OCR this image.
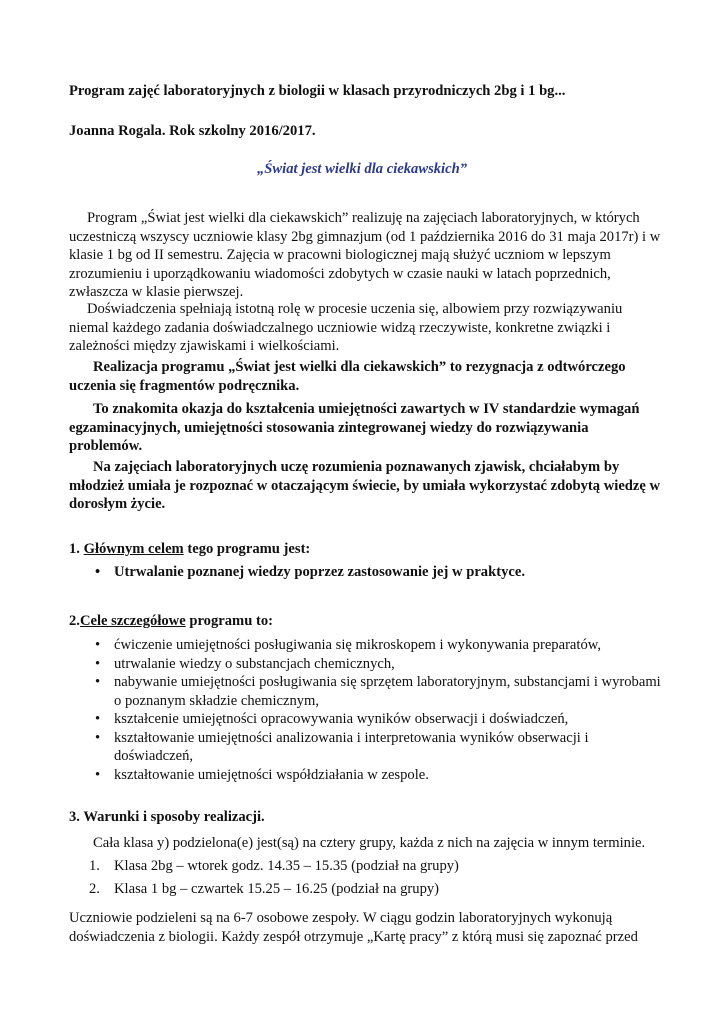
Program zajęć laboratoryjnych z biologii w klasach przyrodniczych 2bg i 1 bg...

Joanna Rogala. Rok szkolny 2016/2017.

„Świat jest wielki dla ciekawskich”

Program „Świat jest wielki dla ciekawskich” realizuję na zajęciach laboratoryjnych, w których uczestniczą wszyscy uczniowie klasy 2bg gimnazjum (od 1 października 2016 do 31 maja 2017r) i w klasie 1 bg od II semestru. Zajęcia w pracowni biologicznej mają służyć uczniom w lepszym zrozumieniu i uporządkowaniu wiadomości zdobytych w czasie nauki w latach poprzednich, zwłaszcza w klasie pierwszej.

Doświadczenia spełniają istotną rolę w procesie uczenia się, albowiem przy rozwiązywaniu niemal każdego zadania doświadczalnego uczniowie widzą rzeczywiste, konkretne związki i zależności między zjawiskami i wielkościami.

Realizacja programu „Świat jest wielki dla ciekawskich” to rezygnacja z odtwórczego uczenia się fragmentów podręcznika.

To znakomita okazja do kształcenia umiejętności zawartych w IV standardzie wymagań egzaminacyjnych, umiejętności stosowania zintegrowanej wiedzy do rozwiązywania problemów.

Na zajęciach laboratoryjnych uczę rozumienia poznawanych zjawisk, chciałabym by młodzież umiała je rozpoznać w otaczającym świecie, by umiała wykorzystać zdobytą wiedzę w dorosłym życie.

1. Głównym celem tego programu jest:

• Utrwalanie poznanej wiedzy poprzez zastosowanie jej w praktyce.

2.Cele szczegółowe programu to:

• ćwiczenie umiejętności posługiwania się mikroskopem i wykonywania preparatów,
• utrwalanie wiedzy o substancjach chemicznych,
• nabywanie umiejętności posługiwania się sprzętem laboratoryjnym, substancjami i wyrobami o poznanym składzie chemicznym,
• kształcenie umiejętności opracowywania wyników obserwacji i doświadczeń,
• kształtowanie umiejętności analizowania i interpretowania wyników obserwacji i doświadczeń,
• kształtowanie umiejętności współdziałania w zespole.

3. Warunki i sposoby realizacji.

Cała klasa y) podzielona(e) jest(są) na cztery grupy, każda z nich na zajęcia w innym terminie.

1. Klasa 2bg – wtorek godz. 14.35 – 15.35 (podział na grupy)
2. Klasa 1 bg – czwartek 15.25 – 16.25 (podział na grupy)

Uczniowie podzieleni są na 6-7 osobowe zespoły. W ciągu godzin laboratoryjnych wykonują doświadczenia z biologii. Każdy zespół otrzymuje „Kartę pracy” z którą musi się zapoznać przed
